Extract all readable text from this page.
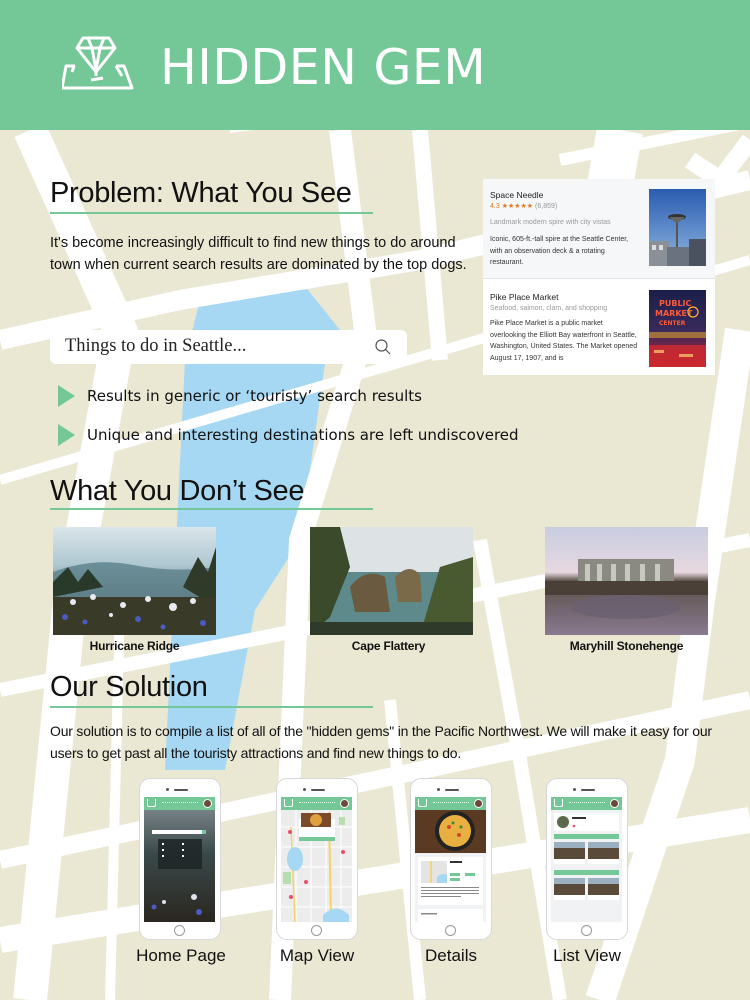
HIDDEN GEM
Problem: What You See
It's become increasingly difficult to find new things to do around town when current search results are dominated by the top dogs.
Things to do in Seattle...
Results in generic or ‘touristy’ search results
Unique and interesting destinations are left undiscovered
Space Needle
4.3 ★★★★★ (6,859)
Landmark modern spire with city vistas
Iconic, 605-ft.-tall spire at the Seattle Center, with an observation deck & a rotating restaurant.
Pike Place Market
Seafood, salmon, clam, and shopping
Pike Place Market is a public market overlooking the Elliott Bay waterfront in Seattle, Washington, United States. The Market opened August 17, 1907, and is
PUBLIC
MARKET
CENTER
What You Don’t See
Hurricane Ridge	Cape Flattery	Maryhill Stonehenge
Our Solution
Our solution is to compile a list of all of the "hidden gems" in the Pacific Northwest. We will make it easy for our users to get past all the touristy attractions and find new things to do.
Home Page	Map View	Details	List View
